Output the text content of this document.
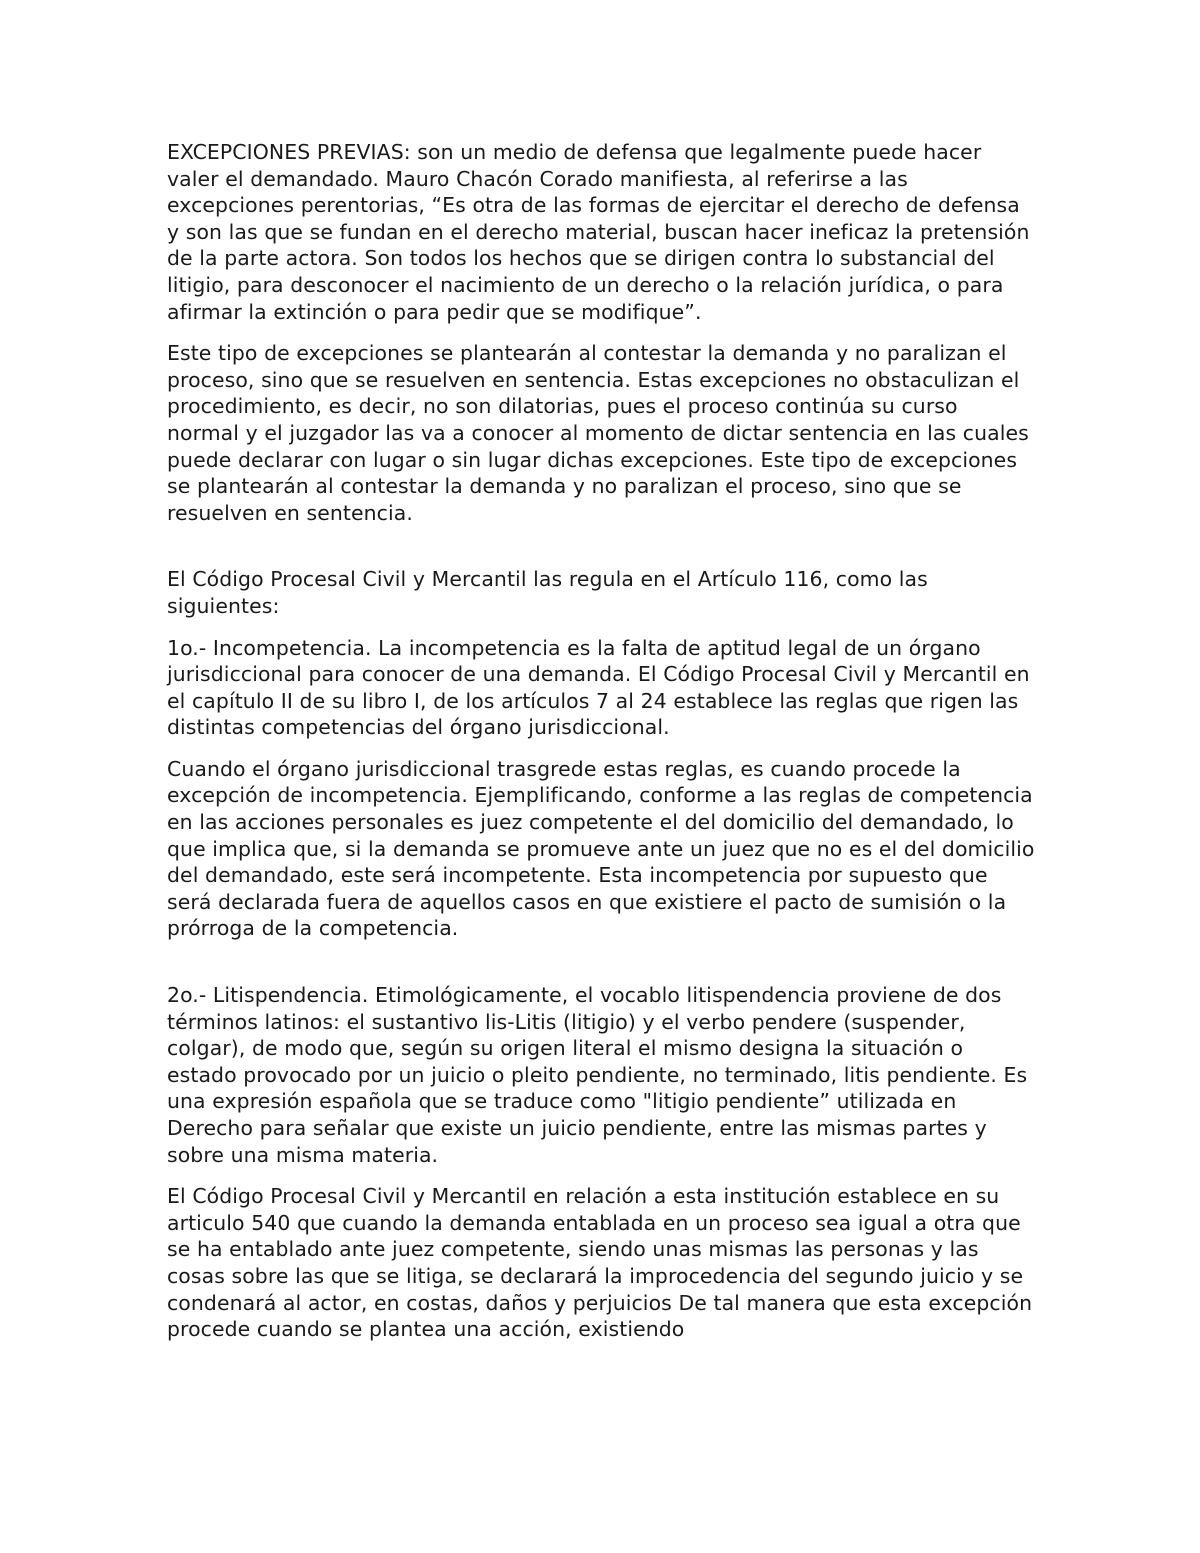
EXCEPCIONES PREVIAS: son un medio de defensa que legalmente puede hacer valer el demandado. Mauro Chacón Corado manifiesta, al referirse a las excepciones perentorias, “Es otra de las formas de ejercitar el derecho de defensa y son las que se fundan en el derecho material, buscan hacer ineficaz la pretensión de la parte actora. Son todos los hechos que se dirigen contra lo substancial del litigio, para desconocer el nacimiento de un derecho o la relación jurídica, o para afirmar la extinción o para pedir que se modifique”.

Este tipo de excepciones se plantearán al contestar la demanda y no paralizan el proceso, sino que se resuelven en sentencia. Estas excepciones no obstaculizan el procedimiento, es decir, no son dilatorias, pues el proceso continúa su curso normal y el juzgador las va a conocer al momento de dictar sentencia en las cuales puede declarar con lugar o sin lugar dichas excepciones. Este tipo de excepciones se plantearán al contestar la demanda y no paralizan el proceso, sino que se resuelven en sentencia.

El Código Procesal Civil y Mercantil las regula en el Artículo 116, como las siguientes:

1o.- Incompetencia. La incompetencia es la falta de aptitud legal de un órgano jurisdiccional para conocer de una demanda. El Código Procesal Civil y Mercantil en el capítulo II de su libro I, de los artículos 7 al 24 establece las reglas que rigen las distintas competencias del órgano jurisdiccional.

Cuando el órgano jurisdiccional trasgrede estas reglas, es cuando procede la excepción de incompetencia. Ejemplificando, conforme a las reglas de competencia en las acciones personales es juez competente el del domicilio del demandado, lo que implica que, si la demanda se promueve ante un juez que no es el del domicilio del demandado, este será incompetente. Esta incompetencia por supuesto que será declarada fuera de aquellos casos en que existiere el pacto de sumisión o la prórroga de la competencia.

2o.- Litispendencia. Etimológicamente, el vocablo litispendencia proviene de dos términos latinos: el sustantivo lis-Litis (litigio) y el verbo pendere (suspender, colgar), de modo que, según su origen literal el mismo designa la situación o estado provocado por un juicio o pleito pendiente, no terminado, litis pendiente. Es una expresión española que se traduce como "litigio pendiente” utilizada en Derecho para señalar que existe un juicio pendiente, entre las mismas partes y sobre una misma materia.

El Código Procesal Civil y Mercantil en relación a esta institución establece en su articulo 540 que cuando la demanda entablada en un proceso sea igual a otra que se ha entablado ante juez competente, siendo unas mismas las personas y las cosas sobre las que se litiga, se declarará la improcedencia del segundo juicio y se condenará al actor, en costas, daños y perjuicios De tal manera que esta excepción procede cuando se plantea una acción, existiendo
